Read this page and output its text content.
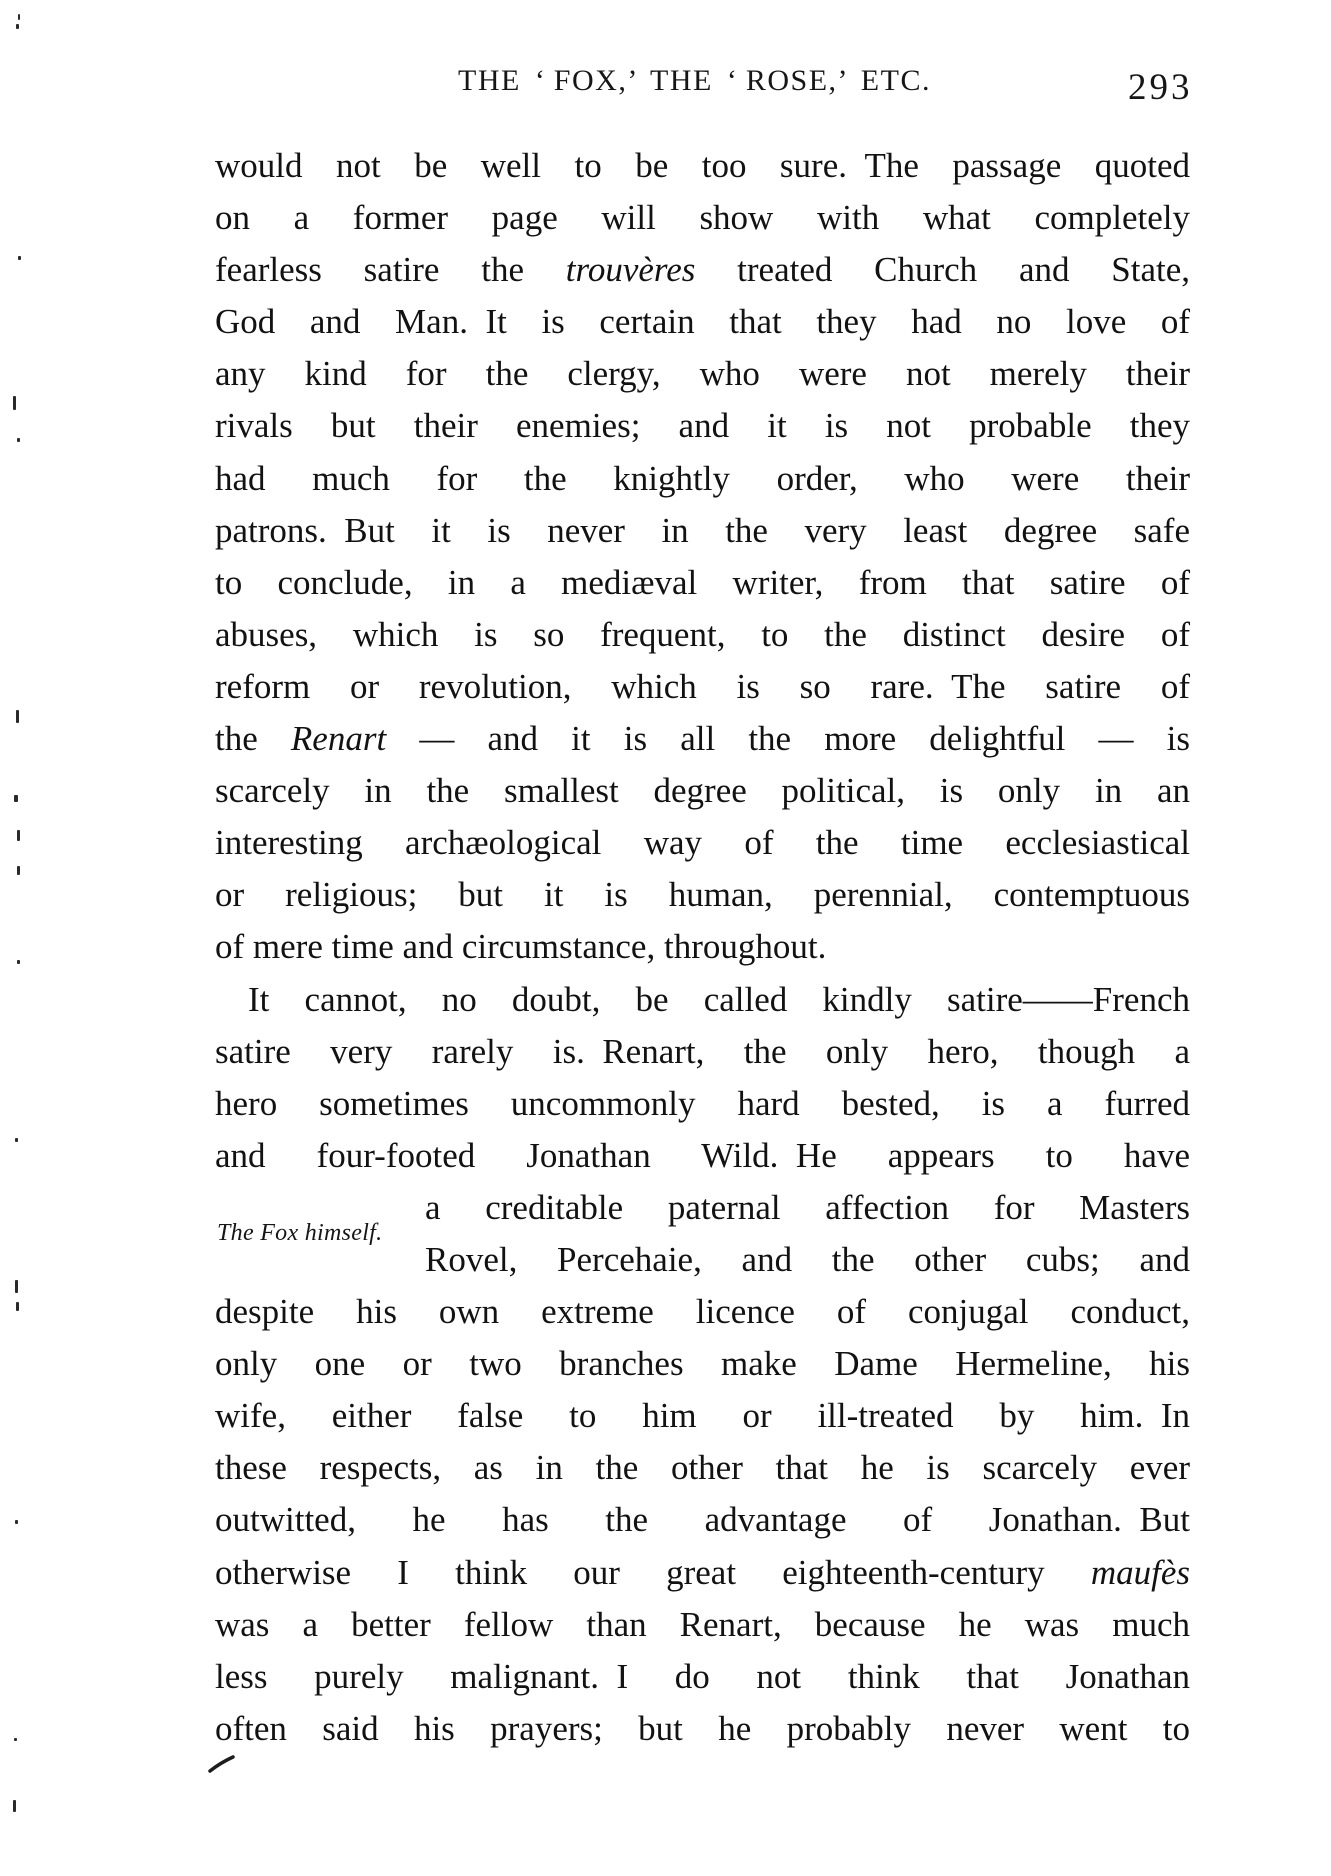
THE ‘ FOX,’ THE ‘ ROSE,’ ETC.	293
would not be well to be too sure. The passage quoted
on a former page will show with what completely
fearless satire the trouvères treated Church and State,
God and Man. It is certain that they had no love of
any kind for the clergy, who were not merely their
rivals but their enemies; and it is not probable they
had much for the knightly order, who were their
patrons. But it is never in the very least degree safe
to conclude, in a mediæval writer, from that satire of
abuses, which is so frequent, to the distinct desire of
reform or revolution, which is so rare. The satire of
the Renart — and it is all the more delightful — is
scarcely in the smallest degree political, is only in an
interesting archæological way of the time ecclesiastical
or religious; but it is human, perennial, contemptuous
of mere time and circumstance, throughout.
It cannot, no doubt, be called kindly satire——French
satire very rarely is. Renart, the only hero, though a
hero sometimes uncommonly hard bested, is a furred
and four-footed Jonathan Wild. He appears to have
a creditable paternal affection for Masters
Rovel, Percehaie, and the other cubs; and
despite his own extreme licence of conjugal conduct,
only one or two branches make Dame Hermeline, his
wife, either false to him or ill-treated by him. In
these respects, as in the other that he is scarcely ever
outwitted, he has the advantage of Jonathan. But
otherwise I think our great eighteenth-century maufès
was a better fellow than Renart, because he was much
less purely malignant. I do not think that Jonathan
often said his prayers; but he probably never went to
The Fox himself.
